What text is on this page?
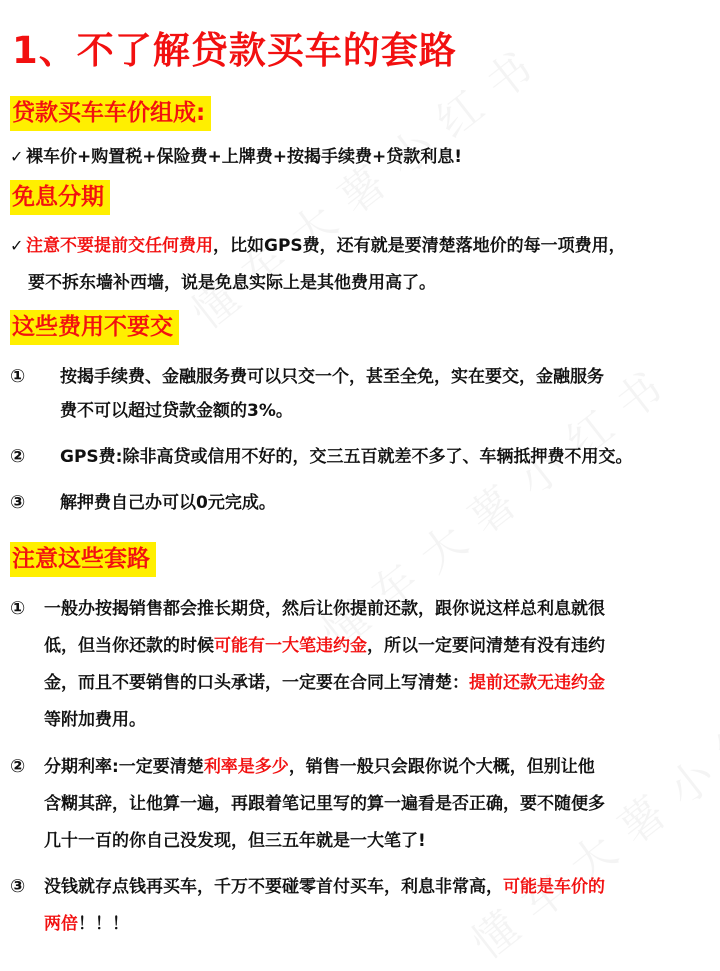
1、不了解贷款买车的套路
贷款买车车价组成:
✓ 裸车价+购置税+保险费+上牌费+按揭手续费+贷款利息!
免息分期
✓ 注意不要提前交任何费用，比如GPS费，还有就是要清楚落地价的每一项费用，
要不拆东墙补西墙，说是免息实际上是其他费用高了。
这些费用不要交
① 按揭手续费、金融服务费可以只交一个，甚至全免，实在要交，金融服务
费不可以超过贷款金额的3%。
② GPS费:除非高贷或信用不好的，交三五百就差不多了、车辆抵押费不用交。
③ 解押费自己办可以0元完成。
注意这些套路
① 一般办按揭销售都会推长期贷，然后让你提前还款，跟你说这样总利息就很
低，但当你还款的时候可能有一大笔违约金，所以一定要问清楚有没有违约
金，而且不要销售的口头承诺，一定要在合同上写清楚：提前还款无违约金
等附加费用。
② 分期利率:一定要清楚利率是多少，销售一般只会跟你说个大概，但别让他
含糊其辞，让他算一遍，再跟着笔记里写的算一遍看是否正确，要不随便多
几十一百的你自己没发现，但三五年就是一大笔了!
③ 没钱就存点钱再买车，千万不要碰零首付买车，利息非常高，可能是车价的
两倍！！！
